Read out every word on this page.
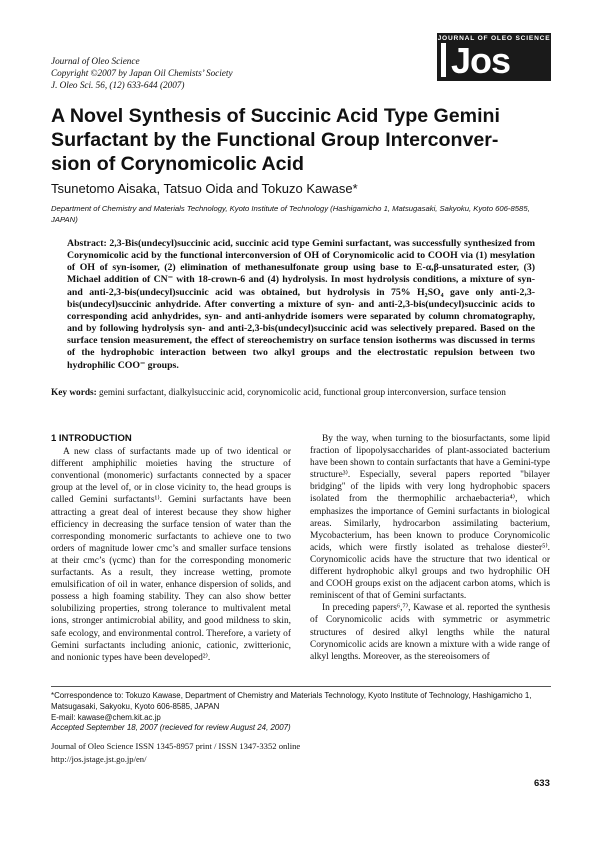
Journal of Oleo Science
Copyright ©2007 by Japan Oil Chemists’ Society
J. Oleo Sci. 56, (12) 633-644 (2007)
JOURNAL OF OLEO SCIENCE
Jos
A Novel Synthesis of Succinic Acid Type Gemini
Surfactant by the Functional Group Interconver-
sion of Corynomicolic Acid
Tsunetomo Aisaka, Tatsuo Oida and Tokuzo Kawase*
Department of Chemistry and Materials Technology, Kyoto Institute of Technology (Hashigamicho 1, Matsugasaki, Sakyoku, Kyoto 606-8585, JAPAN)
Abstract: 2,3-Bis(undecyl)succinic acid, succinic acid type Gemini surfactant, was successfully synthesized from Corynomicolic acid by the functional interconversion of OH of Corynomicolic acid to COOH via (1) mesylation of OH of syn-isomer, (2) elimination of methanesulfonate group using base to E-α,β-unsaturated ester, (3) Michael addition of CN⁻ with 18-crown-6 and (4) hydrolysis. In most hydrolysis conditions, a mixture of syn- and anti-2,3-bis(undecyl)succinic acid was obtained, but hydrolysis in 75% H₂SO₄ gave only anti-2,3-bis(undecyl)succinic anhydride. After converting a mixture of syn- and anti-2,3-bis(undecyl)succinic acids to corresponding acid anhydrides, syn- and anti-anhydride isomers were separated by column chromatography, and by following hydrolysis syn- and anti-2,3-bis(undecyl)succinic acid was selectively prepared. Based on the surface tension measurement, the effect of stereochemistry on surface tension isotherms was discussed in terms of the hydrophobic interaction between two alkyl groups and the electrostatic repulsion between two hydrophilic COO⁻ groups.
Key words: gemini surfactant, dialkylsuccinic acid, corynomicolic acid, functional group interconversion, surface tension
1 INTRODUCTION

A new class of surfactants made up of two identical or different amphiphilic moieties having the structure of conventional (monomeric) surfactants connected by a spacer group at the level of, or in close vicinity to, the head groups is called Gemini surfactants¹⁾. Gemini surfactants have been attracting a great deal of interest because they show higher efficiency in decreasing the surface tension of water than the corresponding monomeric surfactants to achieve one to two orders of magnitude lower cmc’s and smaller surface tensions at their cmc’s (γcmc) than for the corresponding monomeric surfactants. As a result, they increase wetting, promote emulsification of oil in water, enhance dispersion of solids, and possess a high foaming stability. They can also show better solubilizing properties, strong tolerance to multivalent metal ions, stronger antimicrobial ability, and good mildness to skin, safe ecology, and environmental control. Therefore, a variety of Gemini surfactants including anionic, cationic, zwitterionic, and nonionic types have been developed²⁾.

By the way, when turning to the biosurfactants, some lipid fraction of lipopolysaccharides of plant-associated bacterium have been shown to contain surfactants that have a Gemini-type structure³⁾. Especially, several papers reported "bilayer bridging" of the lipids with very long hydrophobic spacers isolated from the thermophilic archaebacteria⁴⁾, which emphasizes the importance of Gemini surfactants in biological areas. Similarly, hydrocarbon assimilating bacterium, Mycobacterium, has been known to produce Corynomicolic acids, which were firstly isolated as trehalose diester⁵⁾. Corynomicolic acids have the structure that two identical or different hydrophobic alkyl groups and two hydrophilic OH and COOH groups exist on the adjacent carbon atoms, which is reminiscent of that of Gemini surfactants.

In preceding papers⁶,⁷⁾, Kawase et al. reported the synthesis of Corynomicolic acids with symmetric or asymmetric structures of desired alkyl lengths while the natural Corynomicolic acids are known a mixture with a wide range of alkyl lengths. Moreover, as the stereoisomers of

*Correspondence to: Tokuzo Kawase, Department of Chemistry and Materials Technology, Kyoto Institute of Technology, Hashigamicho 1, Matsugasaki, Sakyoku, Kyoto 606-8585, JAPAN
E-mail: kawase@chem.kit.ac.jp
Accepted September 18, 2007 (recieved for review August 24, 2007)
Journal of Oleo Science ISSN 1345-8957 print / ISSN 1347-3352 online
http://jos.jstage.jst.go.jp/en/
633
